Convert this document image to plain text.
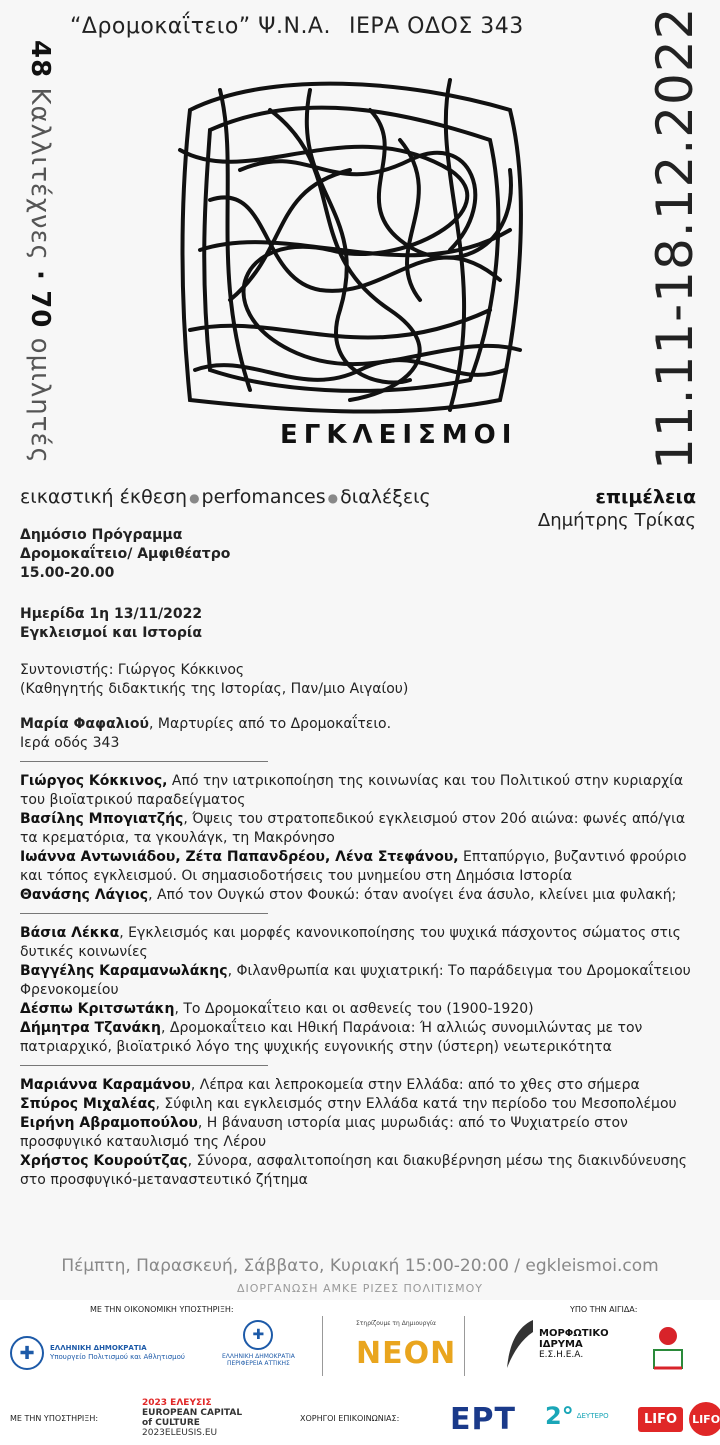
“Δρομοκαΐτειο” Ψ.Ν.Α. ΙΕΡΑ ΟΔΟΣ 343
48 Καλλιτέχνες · 70 ομιλητές	11.11-18.12.2022
ΕΓΚΛΕΙΣΜΟΙ
εικαστική έκθεση ● perfomances ● διαλέξεις	επιμέλεια
Δημήτρης Τρίκας
Δημόσιο Πρόγραμμα
Δρομοκαΐτειο/ Αμφιθέατρο
15.00-20.00
Ημερίδα 1η 13/11/2022
Εγκλεισμοί και Ιστορία
Συντονιστής: Γιώργος Κόκκινος
(Καθηγητής διδακτικής της Ιστορίας, Παν/μιο Αιγαίου)
Μαρία Φαφαλιού, Μαρτυρίες από το Δρομοκαΐτειο.
Ιερά οδός 343
Γιώργος Κόκκινος, Από την ιατρικοποίηση της κοινωνίας και του Πολιτικού στην κυριαρχία του βιοϊατρικού παραδείγματος
Βασίλης Μπογιατζής, Όψεις του στρατοπεδικού εγκλεισμού στον 20ό αιώνα: φωνές από/για τα κρεματόρια, τα γκουλάγκ, τη Μακρόνησο
Ιωάννα Αντωνιάδου, Ζέτα Παπανδρέου, Λένα Στεφάνου, Επταπύργιο, βυζαντινό φρούριο και τόπος εγκλεισμού. Οι σημασιοδοτήσεις του μνημείου στη Δημόσια Ιστορία
Θανάσης Λάγιος, Από τον Ουγκώ στον Φουκώ: όταν ανοίγει ένα άσυλο, κλείνει μια φυλακή;
Βάσια Λέκκα, Εγκλεισμός και μορφές κανονικοποίησης του ψυχικά πάσχοντος σώματος στις δυτικές κοινωνίες
Βαγγέλης Καραμανωλάκης, Φιλανθρωπία και ψυχιατρική: Το παράδειγμα του Δρομοκαΐτειου Φρενοκομείου
Δέσπω Κριτσωτάκη, Το Δρομοκαΐτειο και οι ασθενείς του (1900-1920)
Δήμητρα Τζανάκη, Δρομοκαΐτειο και Ηθική Παράνοια: Ή αλλιώς συνομιλώντας με τον πατριαρχικό, βιοϊατρικό λόγο της ψυχικής ευγονικής στην (ύστερη) νεωτερικότητα
Μαριάννα Καραμάνου, Λέπρα και λεπροκομεία στην Ελλάδα: από το χθες στο σήμερα
Σπύρος Μιχαλέας, Σύφιλη και εγκλεισμός στην Ελλάδα κατά την περίοδο του Μεσοπολέμου
Ειρήνη Αβραμοπούλου, Η βάναυση ιστορία μιας μυρωδιάς: από το Ψυχιατρείο στον προσφυγικό καταυλισμό της Λέρου
Χρήστος Κουρούτζας, Σύνορα, ασφαλιτοποίηση και διακυβέρνηση μέσω της διακινδύνευσης στο προσφυγικό-μεταναστευτικό ζήτημα
Πέμπτη, Παρασκευή, Σάββατο, Κυριακή 15:00-20:00 / egkleismoi.com
ΔΙΟΡΓΑΝΩΣΗ ΑΜΚΕ ΡΙΖΕΣ ΠΟΛΙΤΙΣΜΟΥ
ΜΕ ΤΗΝ ΟΙΚΟΝΟΜΙΚΗ ΥΠΟΣΤΗΡΙΞΗ:	ΥΠΟ ΤΗΝ ΑΙΓΙΔΑ:
✚	ΕΛΛΗΝΙΚΗ ΔΗΜΟΚΡΑΤΙΑ
Υπουργείο Πολιτισμού και Αθλητισμού
✚
ΕΛΛΗΝΙΚΗ ΔΗΜΟΚΡΑΤΙΑ
ΠΕΡΙΦΕΡΕΙΑ ΑΤΤΙΚΗΣ
Στηρίζουμε τη Δημιουργία
NEON
ΜΟΡΦΩΤΙΚΟ
ΙΔΡΥΜΑ
Ε.Σ.Η.Ε.Α.
ΜΕ ΤΗΝ ΥΠΟΣΤΗΡΙΞΗ:
2023 ΕΛΕΥΣΙΣ
EUROPEAN CAPITAL
of CULTURE
2023ELEUSIS.EU
ΧΟΡΗΓΟΙ ΕΠΙΚΟΙΝΩΝΙΑΣ: ΕΡΤ 2° ΔΕΥΤΕΡΟ	LIFO	LIFO
